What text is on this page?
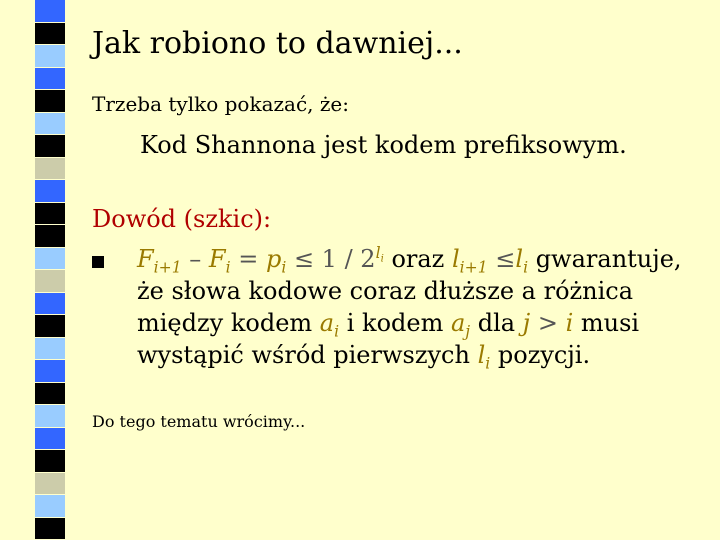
Jak robiono to dawniej...
Trzeba tylko pokazać, że:
Kod Shannona jest kodem prefiksowym.
Dowód (szkic):
$F_{i+1} - F_i = p_i \le 1 / 2^{l_i}$ oraz $l_{i+1} \le l_i$ gwarantuje,
że słowa kodowe coraz dłuższe a różnica
między kodem $a_i$ i kodem $a_j$ dla j > i musi
wystąpić wśród pierwszych $l_i$ pozycji.
Do tego tematu wrócimy...
